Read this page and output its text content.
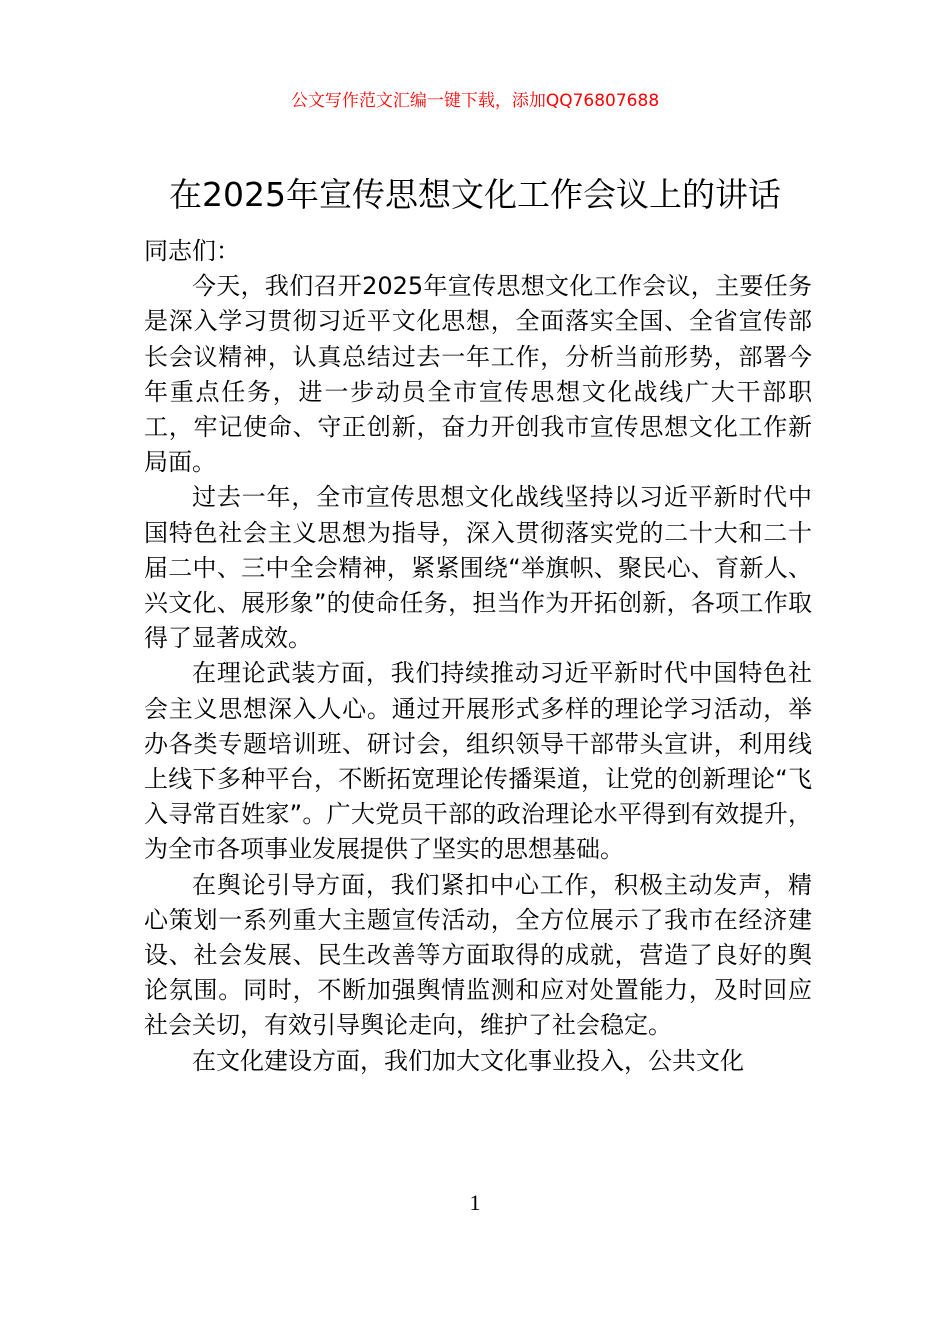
公文写作范文汇编一键下载，添加QQ76807688
在2025年宣传思想文化工作会议上的讲话

同志们：

今天，我们召开2025年宣传思想文化工作会议，主要任务是深入学习贯彻习近平文化思想，全面落实全国、全省宣传部长会议精神，认真总结过去一年工作，分析当前形势，部署今年重点任务，进一步动员全市宣传思想文化战线广大干部职工，牢记使命、守正创新，奋力开创我市宣传思想文化工作新局面。

过去一年，全市宣传思想文化战线坚持以习近平新时代中国特色社会主义思想为指导，深入贯彻落实党的二十大和二十届二中、三中全会精神，紧紧围绕“举旗帜、聚民心、育新人、兴文化、展形象”的使命任务，担当作为开拓创新，各项工作取得了显著成效。

在理论武装方面，我们持续推动习近平新时代中国特色社会主义思想深入人心。通过开展形式多样的理论学习活动，举办各类专题培训班、研讨会，组织领导干部带头宣讲，利用线上线下多种平台，不断拓宽理论传播渠道，让党的创新理论“飞入寻常百姓家”。广大党员干部的政治理论水平得到有效提升，为全市各项事业发展提供了坚实的思想基础。

在舆论引导方面，我们紧扣中心工作，积极主动发声，精心策划一系列重大主题宣传活动，全方位展示了我市在经济建设、社会发展、民生改善等方面取得的成就，营造了良好的舆论氛围。同时，不断加强舆情监测和应对处置能力，及时回应社会关切，有效引导舆论走向，维护了社会稳定。

在文化建设方面，我们加大文化事业投入，公共文化

1
